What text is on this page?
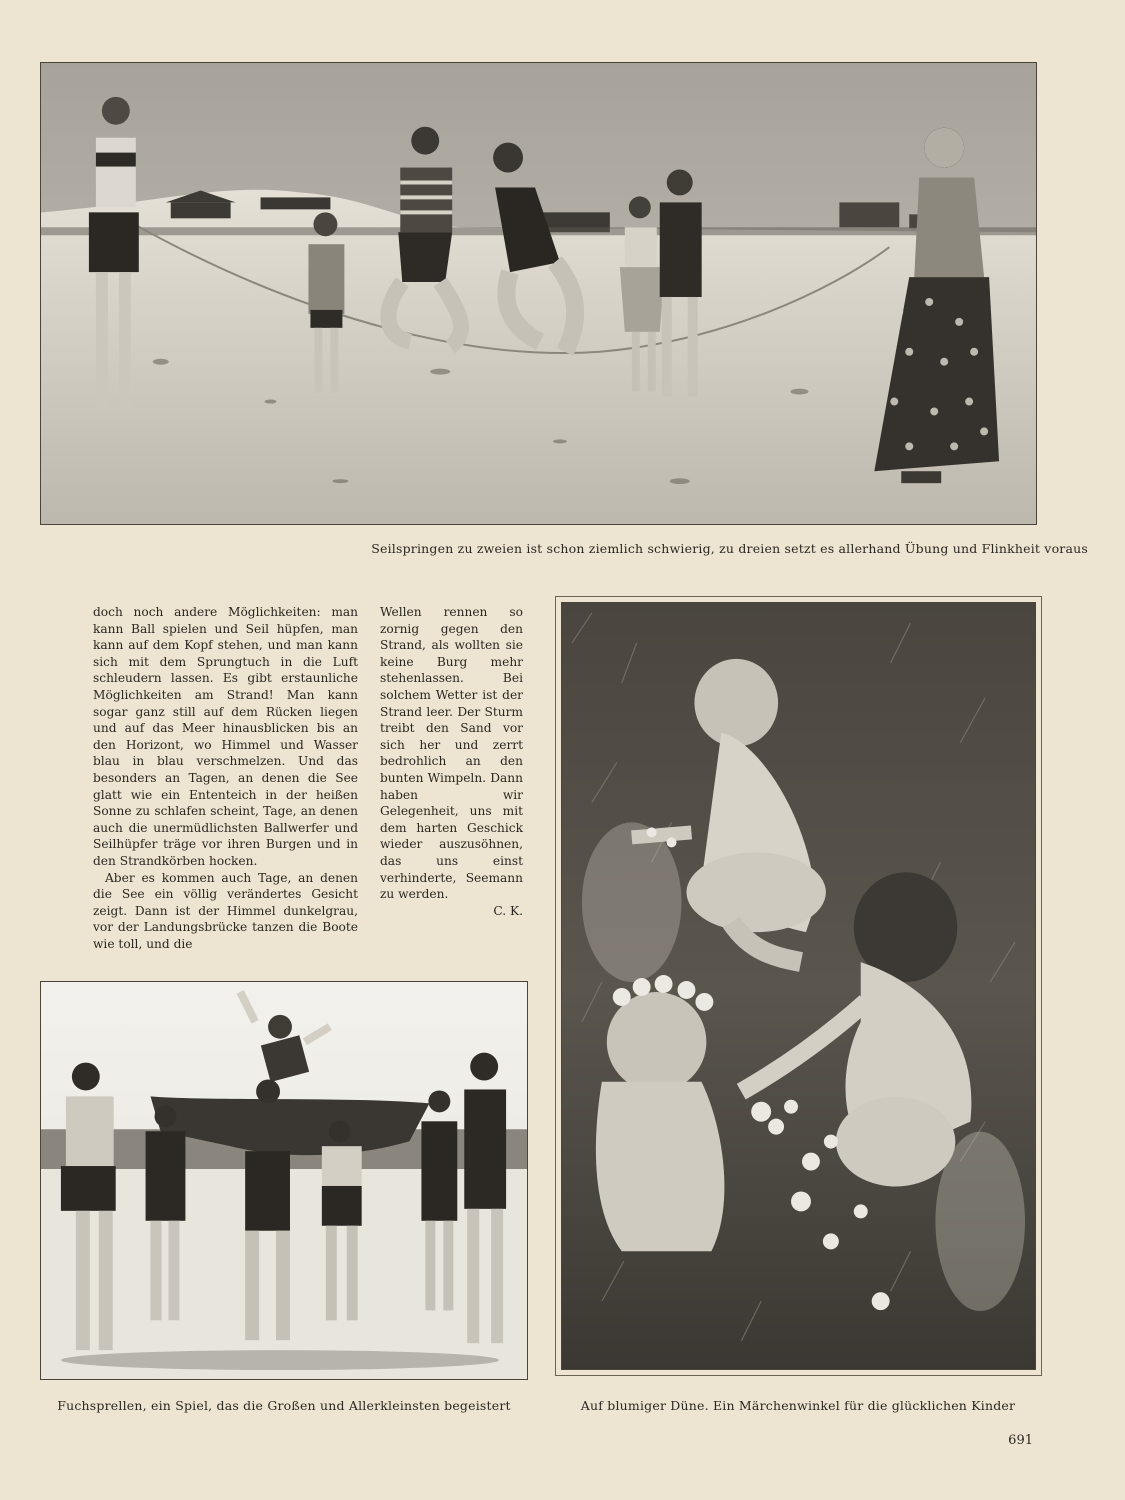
Seilspringen zu zweien ist schon ziemlich schwierig, zu dreien setzt es allerhand Übung und Flinkheit voraus

doch noch andere Möglichkeiten: man kann Ball spielen und Seil hüpfen, man kann auf dem Kopf stehen, und man kann sich mit dem Sprungtuch in die Luft schleudern lassen. Es gibt erstaunliche Möglichkeiten am Strand! Man kann sogar ganz still auf dem Rücken liegen und auf das Meer hinausblicken bis an den Horizont, wo Himmel und Wasser blau in blau verschmelzen. Und das besonders an Tagen, an denen die See glatt wie ein Ententeich in der heißen Sonne zu schlafen scheint, Tage, an denen auch die unermüdlichsten Ballwerfer und Seilhüpfer träge vor ihren Burgen und in den Strandkörben hocken.

Aber es kommen auch Tage, an denen die See ein völlig verändertes Gesicht zeigt. Dann ist der Himmel dunkelgrau, vor der Landungsbrücke tanzen die Boote wie toll, und die

Wellen rennen so zornig gegen den Strand, als wollten sie keine Burg mehr stehenlassen. Bei solchem Wetter ist der Strand leer. Der Sturm treibt den Sand vor sich her und zerrt bedrohlich an den bunten Wimpeln. Dann haben wir Gelegenheit, uns mit dem harten Geschick wieder auszusöhnen, das uns einst verhinderte, Seemann zu werden.

C. K.

Fuchsprellen, ein Spiel, das die Großen und Allerkleinsten begeistert	Auf blumiger Düne. Ein Märchenwinkel für die glücklichen Kinder
691
